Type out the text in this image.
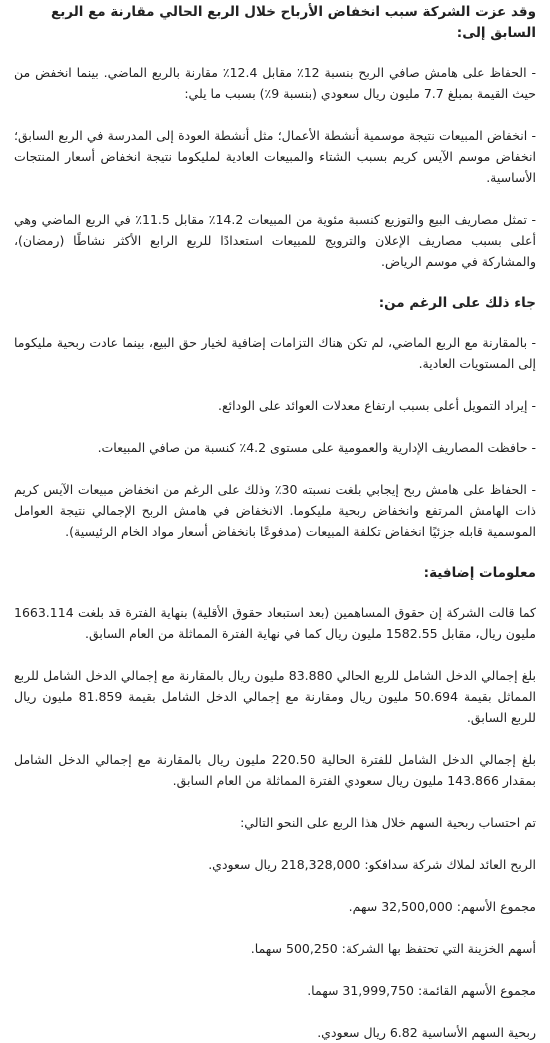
وقد عزت الشركة سبب انخفاض الأرباح خلال الربع الحالي مقارنة مع الربع السابق إلى:

- الحفاظ على هامش صافي الربح بنسبة 12٪ مقابل 12.4٪ مقارنة بالربع الماضي. بينما انخفض من حيث القيمة بمبلغ 7.7 مليون ريال سعودي (بنسبة 9٪) بسبب ما يلي:

- انخفاض المبيعات نتيجة موسمية أنشطة الأعمال؛ مثل أنشطة العودة إلى المدرسة في الربع السابق؛ انخفاض موسم الآيس كريم بسبب الشتاء والمبيعات العادية لمليكوما نتيجة انخفاض أسعار المنتجات الأساسية.

- تمثل مصاريف البيع والتوزيع كنسبة مئوية من المبيعات 14.2٪ مقابل 11.5٪ في الربع الماضي وهي أعلى بسبب مصاريف الإعلان والترويج للمبيعات استعدادًا للربع الرابع الأكثر نشاطًا (رمضان)، والمشاركة في موسم الرياض.

جاء ذلك على الرغم من:

- بالمقارنة مع الربع الماضي، لم تكن هناك التزامات إضافية لخيار حق البيع، بينما عادت ربحية مليكوما إلى المستويات العادية.

- إيراد التمويل أعلى بسبب ارتفاع معدلات العوائد على الودائع.

- حافظت المصاريف الإدارية والعمومية على مستوى 4.2٪ كنسبة من صافي المبيعات.

- الحفاظ على هامش ربح إيجابي بلغت نسبته 30٪ وذلك على الرغم من انخفاض مبيعات الآيس كريم ذات الهامش المرتفع وانخفاض ربحية مليكوما. الانخفاض في هامش الربح الإجمالي نتيجة العوامل الموسمية قابله جزئيًا انخفاض تكلفة المبيعات (مدفوعًا بانخفاض أسعار مواد الخام الرئيسية).

معلومات إضافية:

كما قالت الشركة إن حقوق المساهمين (بعد استبعاد حقوق الأقلية) بنهاية الفترة قد بلغت 1663.114 مليون ريال، مقابل 1582.55 مليون ريال كما في نهاية الفترة المماثلة من العام السابق.

بلغ إجمالي الدخل الشامل للربع الحالي 83.880 مليون ريال بالمقارنة مع إجمالي الدخل الشامل للربع المماثل بقيمة 50.694 مليون ريال ومقارنة مع إجمالي الدخل الشامل بقيمة 81.859 مليون ريال للربع السابق.

بلغ إجمالي الدخل الشامل للفترة الحالية 220.50 مليون ريال بالمقارنة مع إجمالي الدخل الشامل بمقدار 143.866 مليون ريال سعودي الفترة المماثلة من العام السابق.

تم احتساب ربحية السهم خلال هذا الربع على النحو التالي:

الربح العائد لملاك شركة سدافكو: 218,328,000 ريال سعودي.

مجموع الأسهم: 32,500,000 سهم.

أسهم الخزينة التي تحتفظ بها الشركة: 500,250 سهما.

مجموع الأسهم القائمة: 31,999,750 سهما.

ربحية السهم الأساسية 6.82 ريال سعودي.
